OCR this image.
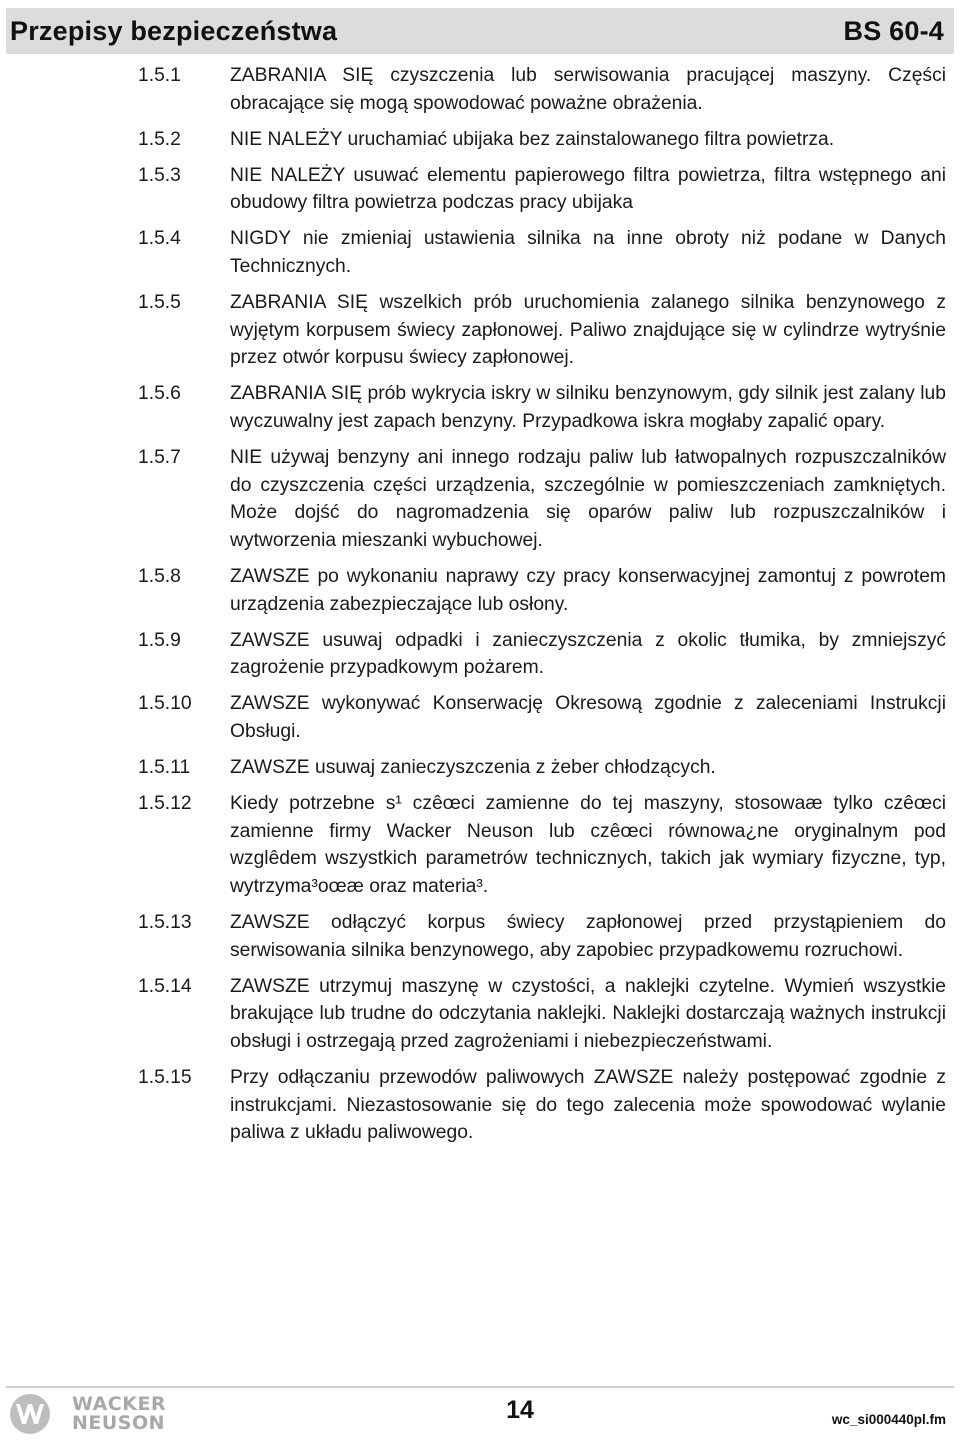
Przepisy bezpieczeństwa	BS 60-4
1.5.1	ZABRANIA SIĘ czyszczenia lub serwisowania pracującej maszyny. Części obracające się mogą spowodować poważne obrażenia.
1.5.2	NIE NALEŻY uruchamiać ubijaka bez zainstalowanego filtra powietrza.
1.5.3	NIE NALEŻY usuwać elementu papierowego filtra powietrza, filtra wstępnego ani obudowy filtra powietrza podczas pracy ubijaka
1.5.4	NIGDY nie zmieniaj ustawienia silnika na inne obroty niż podane w Danych Technicznych.
1.5.5	ZABRANIA SIĘ wszelkich prób uruchomienia zalanego silnika benzynowego z wyjętym korpusem świecy zapłonowej. Paliwo znajdujące się w cylindrze wytryśnie przez otwór korpusu świecy zapłonowej.
1.5.6	ZABRANIA SIĘ prób wykrycia iskry w silniku benzynowym, gdy silnik jest zalany lub wyczuwalny jest zapach benzyny. Przypadkowa iskra mogłaby zapalić opary.
1.5.7	NIE używaj benzyny ani innego rodzaju paliw lub łatwopalnych rozpuszczalników do czyszczenia części urządzenia, szczególnie w pomieszczeniach zamkniętych. Może dojść do nagromadzenia się oparów paliw lub rozpuszczalników i wytworzenia mieszanki wybuchowej.
1.5.8	ZAWSZE po wykonaniu naprawy czy pracy konserwacyjnej zamontuj z powrotem urządzenia zabezpieczające lub osłony.
1.5.9	ZAWSZE usuwaj odpadki i zanieczyszczenia z okolic tłumika, by zmniejszyć zagrożenie przypadkowym pożarem.
1.5.10	ZAWSZE wykonywać Konserwację Okresową zgodnie z zaleceniami Instrukcji Obsługi.
1.5.11	ZAWSZE usuwaj zanieczyszczenia z żeber chłodzących.
1.5.12	Kiedy potrzebne s¹ czêœci zamienne do tej maszyny, stosowaæ tylko czêœci zamienne firmy Wacker Neuson lub czêœci równowa¿ne oryginalnym pod wzglêdem wszystkich parametrów technicznych, takich jak wymiary fizyczne, typ, wytrzyma³oœæ oraz materia³.
1.5.13	ZAWSZE odłączyć korpus świecy zapłonowej przed przystąpieniem do serwisowania silnika benzynowego, aby zapobiec przypadkowemu rozruchowi.
1.5.14	ZAWSZE utrzymuj maszynę w czystości, a naklejki czytelne. Wymień wszystkie brakujące lub trudne do odczytania naklejki. Naklejki dostarczają ważnych instrukcji obsługi i ostrzegają przed zagrożeniami i niebezpieczeństwami.
1.5.15	Przy odłączaniu przewodów paliwowych ZAWSZE należy postępować zgodnie z instrukcjami. Niezastosowanie się do tego zalecenia może spowodować wylanie paliwa z układu paliwowego.
WACKER
NEUSON	14	wc_si000440pl.fm
